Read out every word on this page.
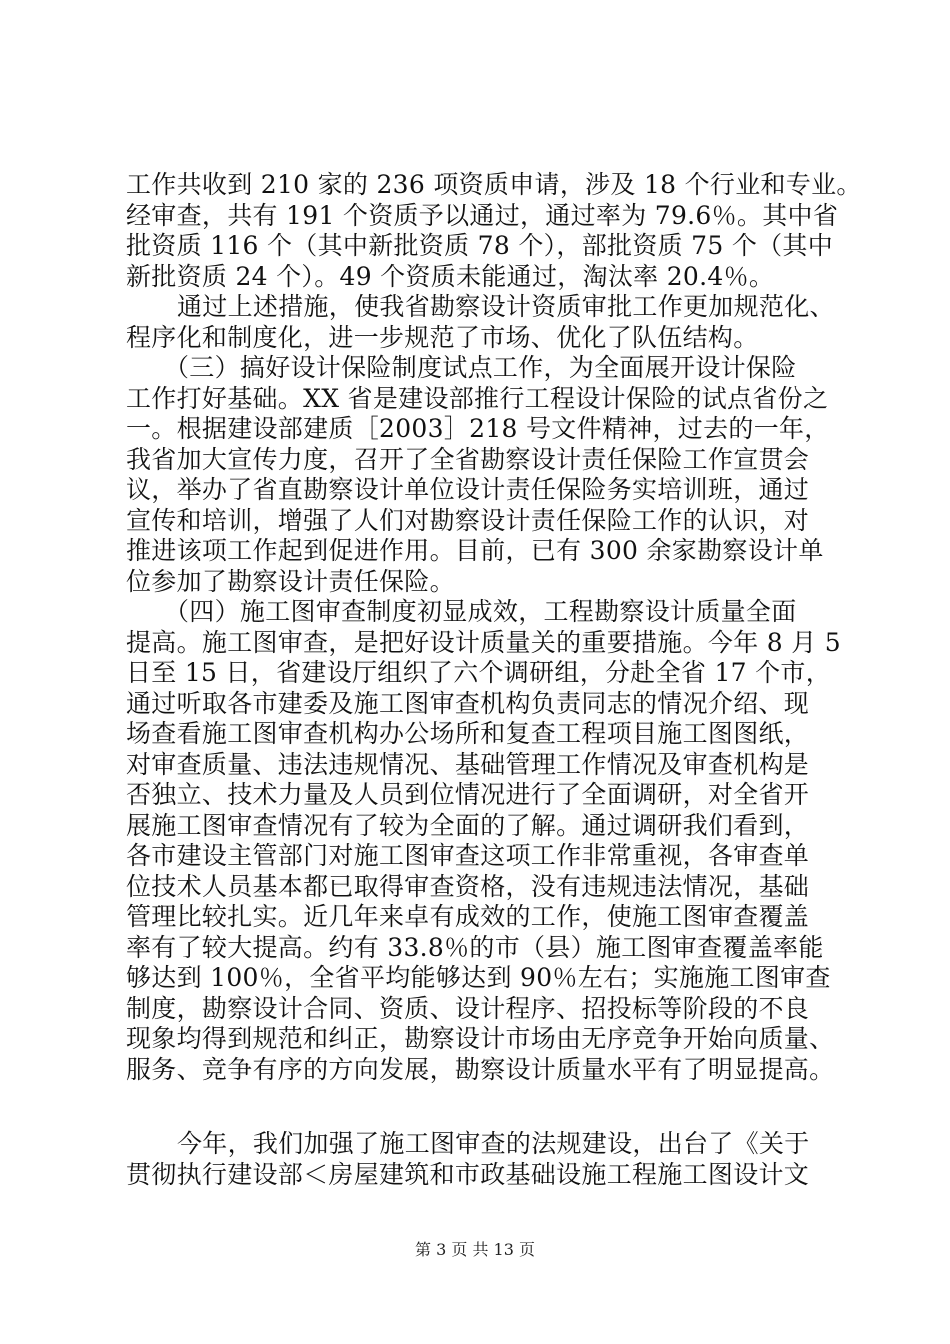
工作共收到 210 家的 236 项资质申请，涉及 18 个行业和专业。
经审查，共有 191 个资质予以通过，通过率为 79.6％。其中省
批资质 116 个（其中新批资质 78 个），部批资质 75 个（其中
新批资质 24 个）。49 个资质未能通过，淘汰率 20.4％。
通过上述措施，使我省勘察设计资质审批工作更加规范化、
程序化和制度化，进一步规范了市场、优化了队伍结构。
（三）搞好设计保险制度试点工作，为全面展开设计保险
工作打好基础。XX 省是建设部推行工程设计保险的试点省份之
一。根据建设部建质［2003］218 号文件精神，过去的一年，
我省加大宣传力度，召开了全省勘察设计责任保险工作宣贯会
议，举办了省直勘察设计单位设计责任保险务实培训班，通过
宣传和培训，增强了人们对勘察设计责任保险工作的认识，对
推进该项工作起到促进作用。目前，已有 300 余家勘察设计单
位参加了勘察设计责任保险。
（四）施工图审查制度初显成效，工程勘察设计质量全面
提高。施工图审查，是把好设计质量关的重要措施。今年 8 月 5
日至 15 日，省建设厅组织了六个调研组，分赴全省 17 个市，
通过听取各市建委及施工图审查机构负责同志的情况介绍、现
场查看施工图审查机构办公场所和复查工程项目施工图图纸，
对审查质量、违法违规情况、基础管理工作情况及审查机构是
否独立、技术力量及人员到位情况进行了全面调研，对全省开
展施工图审查情况有了较为全面的了解。通过调研我们看到，
各市建设主管部门对施工图审查这项工作非常重视，各审查单
位技术人员基本都已取得审查资格，没有违规违法情况，基础
管理比较扎实。近几年来卓有成效的工作，使施工图审查覆盖
率有了较大提高。约有 33.8％的市（县）施工图审查覆盖率能
够达到 100％，全省平均能够达到 90％左右；实施施工图审查
制度，勘察设计合同、资质、设计程序、招投标等阶段的不良
现象均得到规范和纠正，勘察设计市场由无序竞争开始向质量、
服务、竞争有序的方向发展，勘察设计质量水平有了明显提高。
今年，我们加强了施工图审查的法规建设，出台了《关于
贯彻执行建设部＜房屋建筑和市政基础设施工程施工图设计文
第 3 页 共 13 页
